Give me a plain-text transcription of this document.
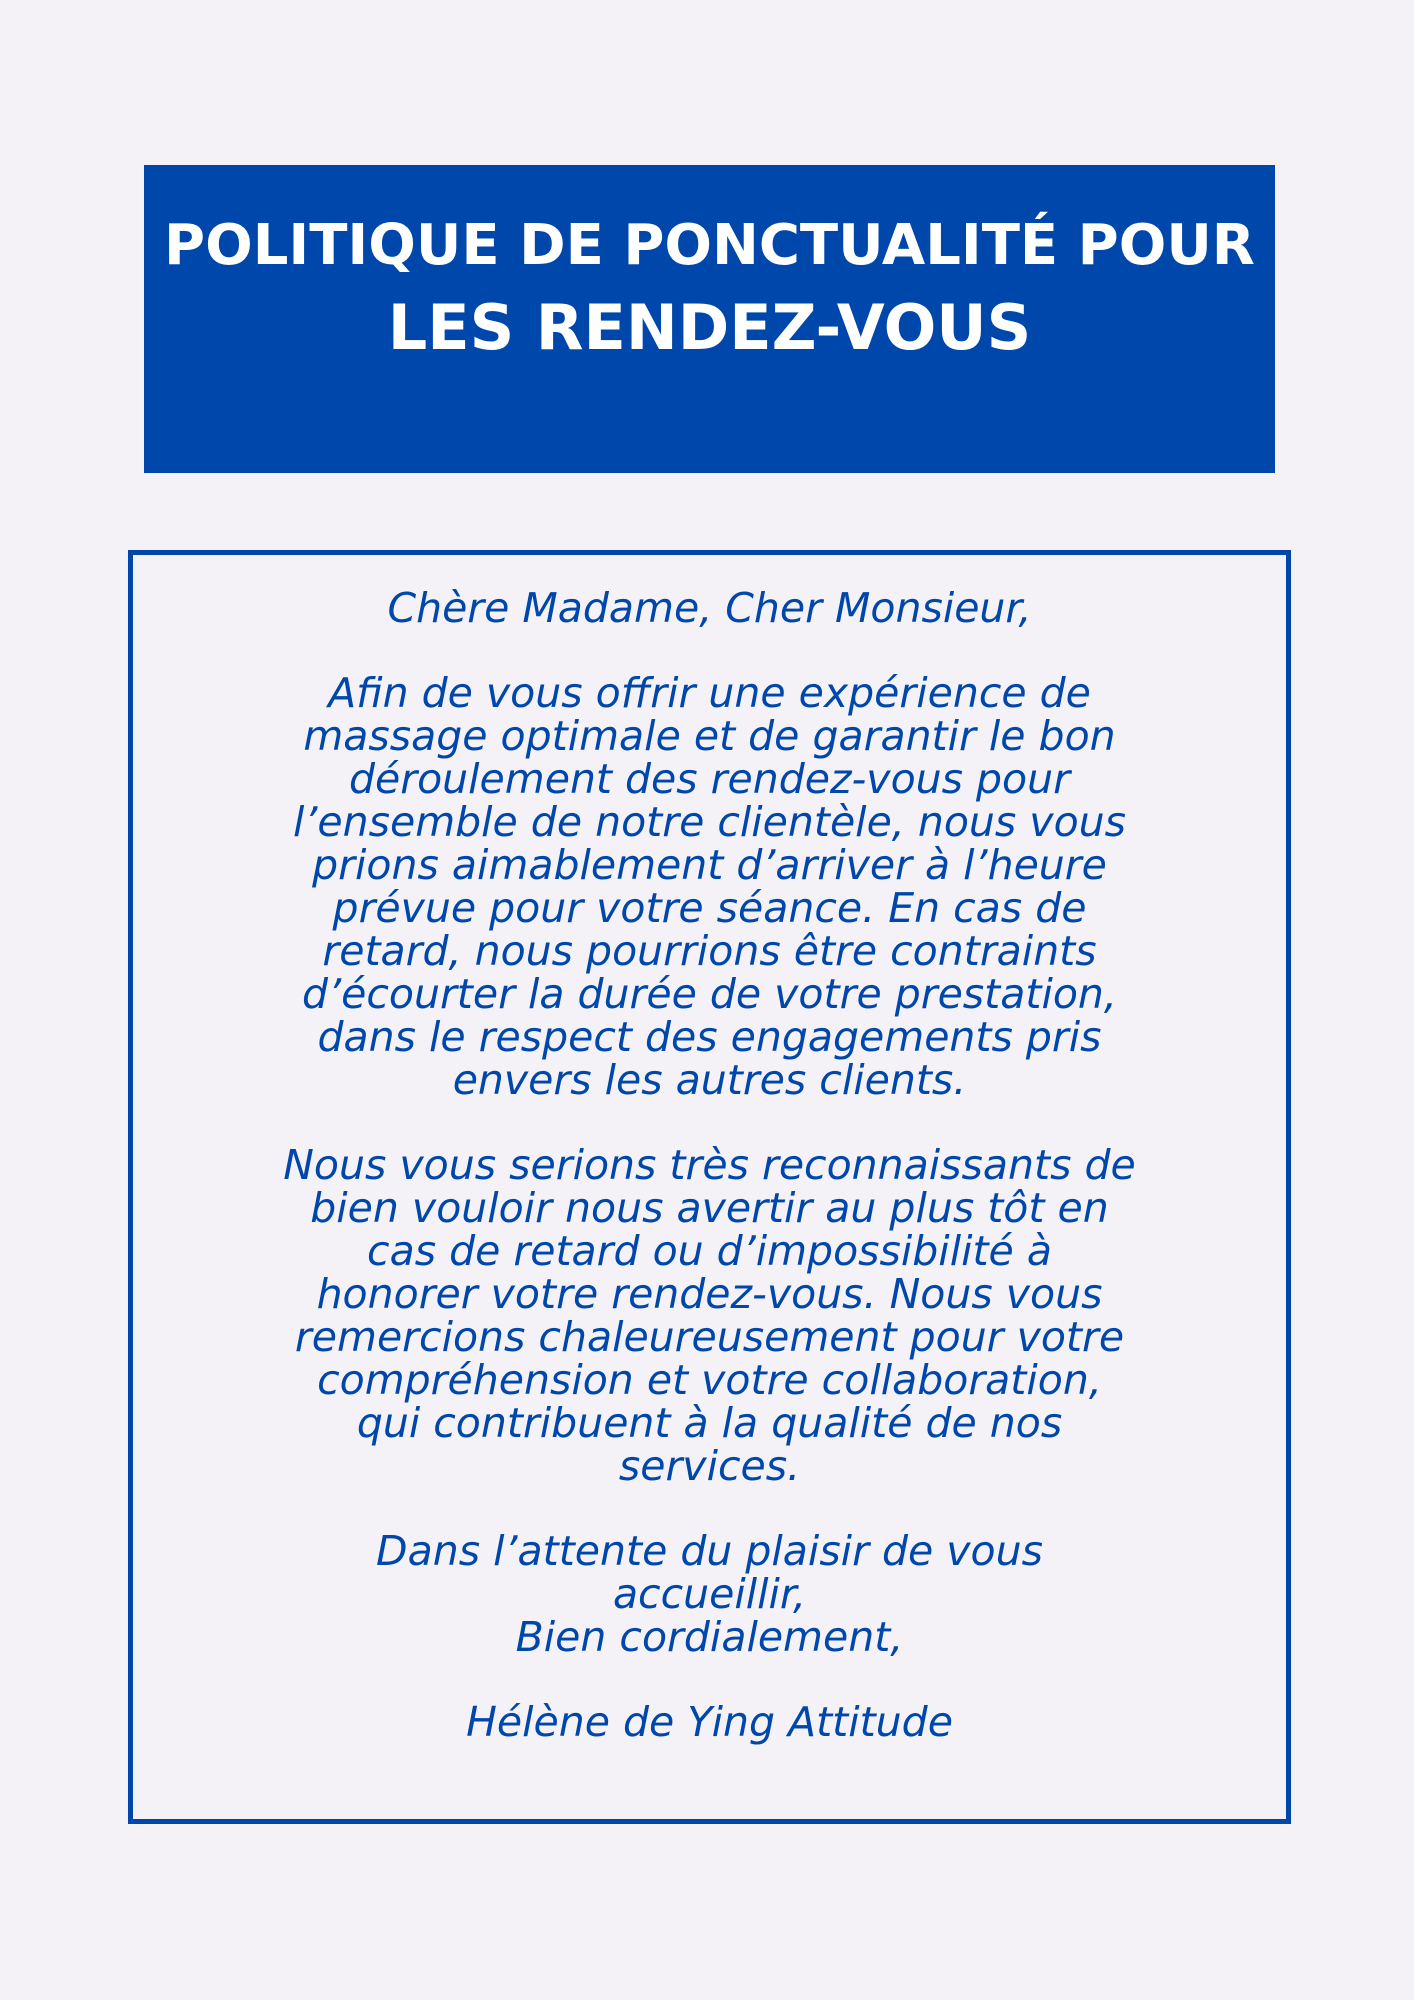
POLITIQUE DE PONCTUALITÉ POUR
LES RENDEZ-VOUS
Chère Madame, Cher Monsieur,
Afin de vous offrir une expérience de
massage optimale et de garantir le bon
déroulement des rendez-vous pour
l’ensemble de notre clientèle, nous vous
prions aimablement d’arriver à l’heure
prévue pour votre séance. En cas de
retard, nous pourrions être contraints
d’écourter la durée de votre prestation,
dans le respect des engagements pris
envers les autres clients.
Nous vous serions très reconnaissants de
bien vouloir nous avertir au plus tôt en
cas de retard ou d’impossibilité à
honorer votre rendez-vous. Nous vous
remercions chaleureusement pour votre
compréhension et votre collaboration,
qui contribuent à la qualité de nos
services.
Dans l’attente du plaisir de vous
accueillir,
Bien cordialement,
Hélène de Ying Attitude
